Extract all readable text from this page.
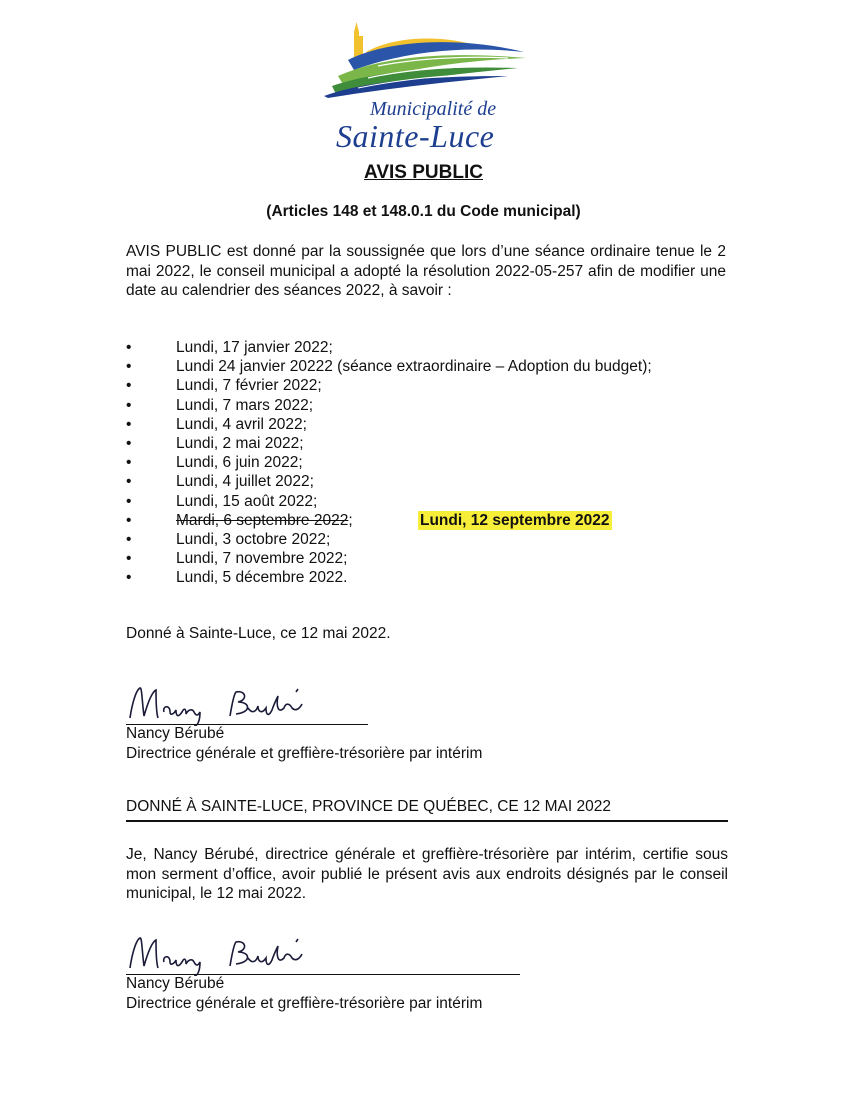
Municipalité de
Sainte-Luce
AVIS PUBLIC

(Articles 148 et 148.0.1 du Code municipal)

AVIS PUBLIC est donné par la soussignée que lors d’une séance ordinaire tenue le 2 mai 2022, le conseil municipal a adopté la résolution 2022-05-257 afin de modifier une date au calendrier des séances 2022, à savoir :

•	Lundi, 17 janvier 2022;
•	Lundi 24 janvier 20222 (séance extraordinaire – Adoption du budget);
•	Lundi, 7 février 2022;
•	Lundi, 7 mars 2022;
•	Lundi, 4 avril 2022;
•	Lundi, 2 mai 2022;
•	Lundi, 6 juin 2022;
•	Lundi, 4 juillet 2022;
•	Lundi, 15 août 2022;
•	Mardi, 6 septembre 2022;	Lundi, 12 septembre 2022
•	Lundi, 3 octobre 2022;
•	Lundi, 7 novembre 2022;
•	Lundi, 5 décembre 2022.

Donné à Sainte-Luce, ce 12 mai 2022.

Nancy Bérubé
Directrice générale et greffière-trésorière par intérim

DONNÉ À SAINTE-LUCE, PROVINCE DE QUÉBEC, CE 12 MAI 2022

Je, Nancy Bérubé, directrice générale et greffière-trésorière par intérim, certifie sous mon serment d’office, avoir publié le présent avis aux endroits désignés par le conseil municipal, le 12 mai 2022.

Nancy Bérubé
Directrice générale et greffière-trésorière par intérim
